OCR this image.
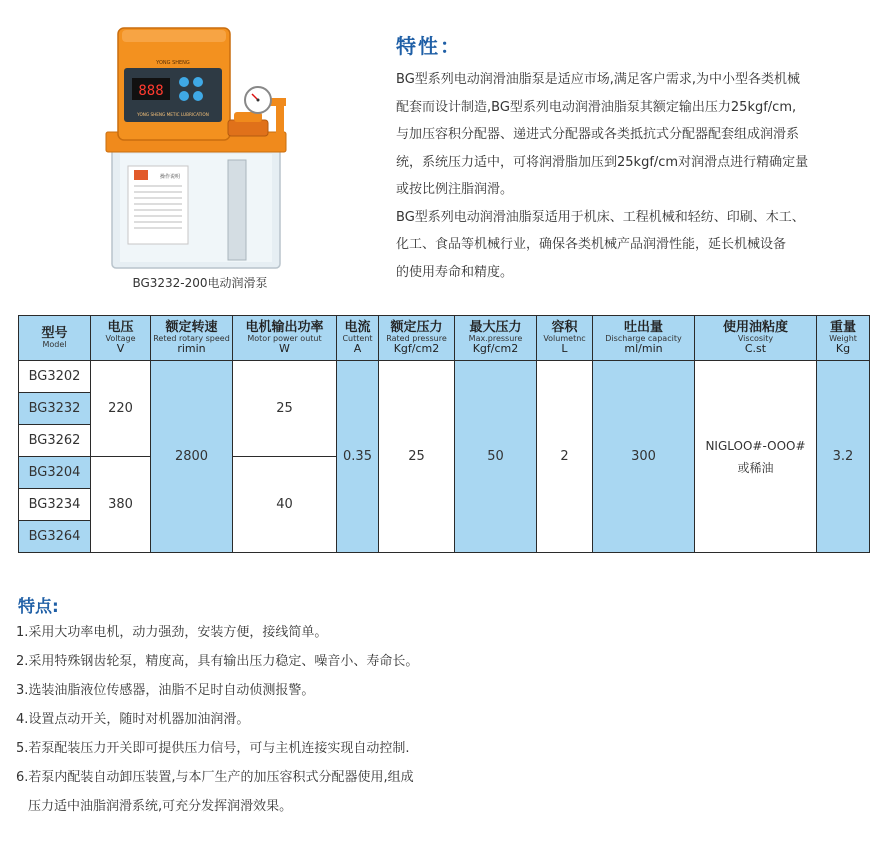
操作说明
YONG SHENG
888
YONG SHENG METIC LUBRICATION
BG3232-200电动润滑泵
特性：

BG型系列电动润滑油脂泵是适应市场,满足客户需求,为中小型各类机械

配套而设计制造,BG型系列电动润滑油脂泵其额定输出压力25kgf/cm,

与加压容积分配器、递进式分配器或各类抵抗式分配器配套组成润滑系

统，系统压力适中，可将润滑脂加压到25kgf/cm对润滑点进行精确定量

或按比例注脂润滑。

BG型系列电动润滑油脂泵适用于机床、工程机械和轻纺、印刷、木工、

化工、食品等机械行业，确保各类机械产品润滑性能，延长机械设备

的使用寿命和精度。

型号
Model	电压
Voltage
V	额定转速
Reted rotary speed
rimin	电机输出功率
Motor power outut
W	电流
Cuttent
A	额定压力
Rated pressure
Kgf/cm2	最大压力
Max.pressure
Kgf/cm2	容积
Volumetnc
L	吐出量
Discharge capacity
ml/min	使用油粘度
Viscosity
C.st	重量
Weight
Kg

BG3202	220	2800	25	0.35	25	50	2	300	NIGLOO#-OOO#
或稀油	3.2
BG3232										
BG3262										
BG3204	380		40							
BG3234										
BG3264										
特点:
1.采用大功率电机，动力强劲，安装方便，接线简单。
2.采用特殊钢齿轮泵，精度高，具有输出压力稳定、噪音小、寿命长。
3.选装油脂液位传感器，油脂不足时自动侦测报警。
4.设置点动开关，随时对机器加油润滑。
5.若泵配装压力开关即可提供压力信号，可与主机连接实现自动控制.
6.若泵内配装自动卸压装置,与本厂生产的加压容积式分配器使用,组成
压力适中油脂润滑系统,可充分发挥润滑效果。
